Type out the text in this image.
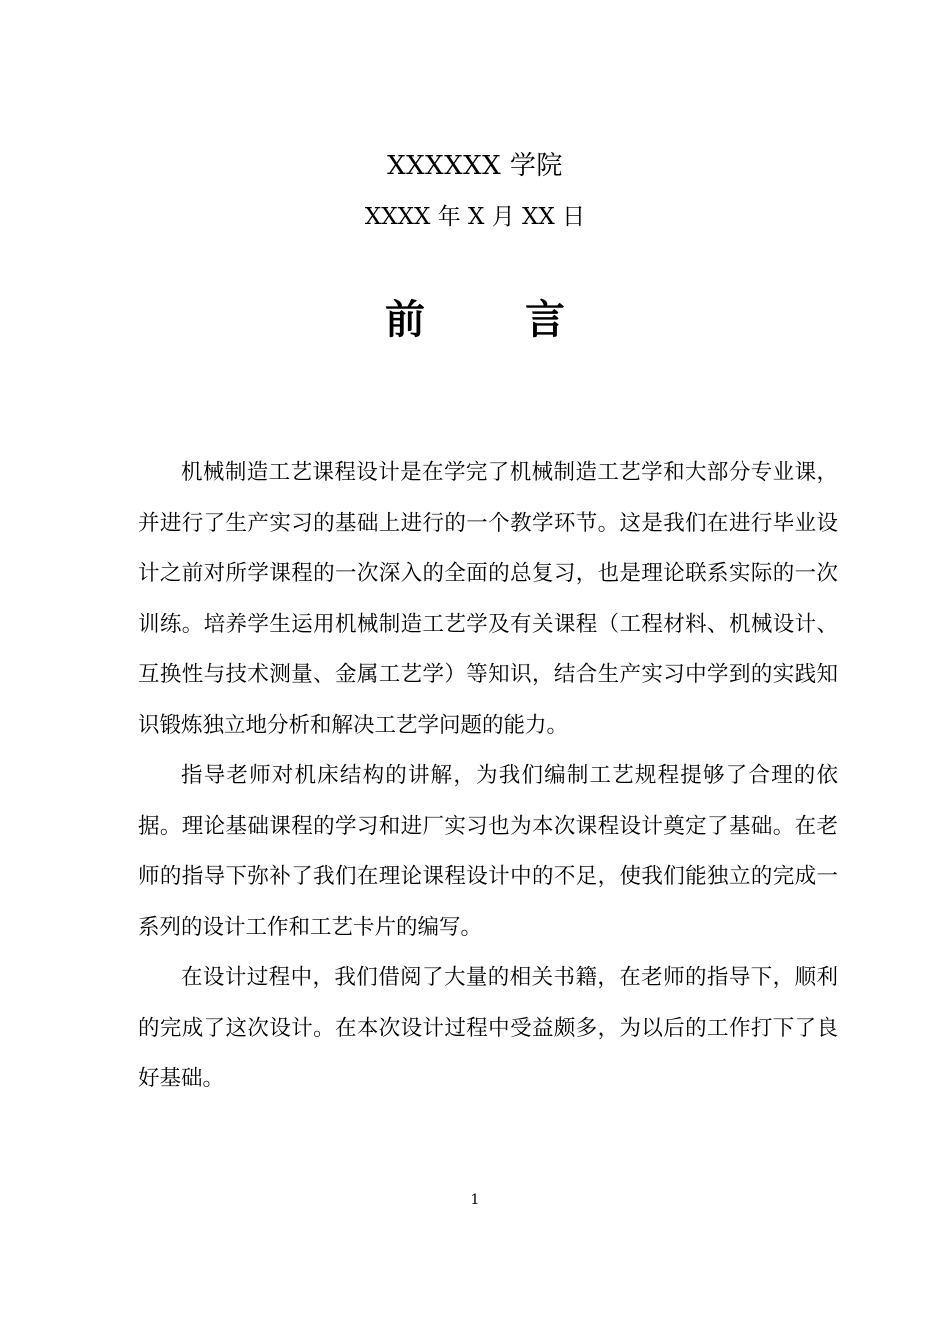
XXXXXX 学院
XXXX 年 X 月 XX 日
前言

机械制造工艺课程设计是在学完了机械制造工艺学和大部分专业课，并进行了生产实习的基础上进行的一个教学环节。这是我们在进行毕业设计之前对所学课程的一次深入的全面的总复习，也是理论联系实际的一次训练。培养学生运用机械制造工艺学及有关课程（工程材料、机械设计、互换性与技术测量、金属工艺学）等知识，结合生产实习中学到的实践知识锻炼独立地分析和解决工艺学问题的能力。

指导老师对机床结构的讲解，为我们编制工艺规程提够了合理的依据。理论基础课程的学习和进厂实习也为本次课程设计奠定了基础。在老师的指导下弥补了我们在理论课程设计中的不足，使我们能独立的完成一系列的设计工作和工艺卡片的编写。

在设计过程中，我们借阅了大量的相关书籍，在老师的指导下，顺利的完成了这次设计。在本次设计过程中受益颇多，为以后的工作打下了良好基础。

1
